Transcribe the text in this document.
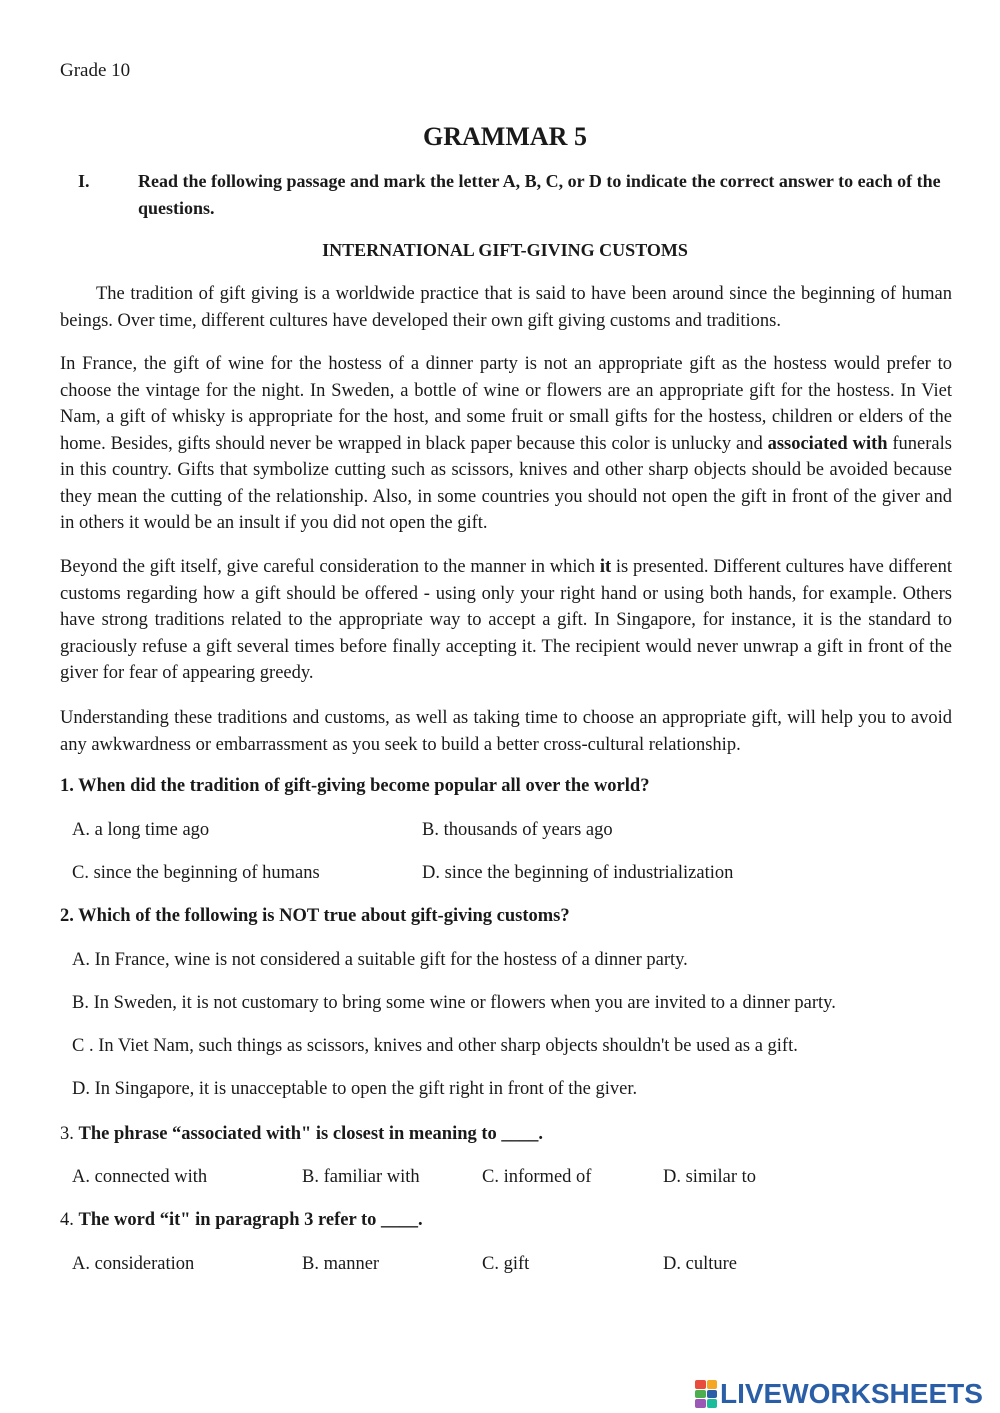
Grade 10
GRAMMAR 5
I.	Read the following passage and mark the letter A, B, C, or D to indicate the correct answer to each of the questions.
INTERNATIONAL GIFT-GIVING CUSTOMS
The tradition of gift giving is a worldwide practice that is said to have been around since the beginning of human beings. Over time, different cultures have developed their own gift giving customs and traditions.
In France, the gift of wine for the hostess of a dinner party is not an appropriate gift as the hostess would prefer to choose the vintage for the night. In Sweden, a bottle of wine or flowers are an appropriate gift for the hostess. In Viet Nam, a gift of whisky is appropriate for the host, and some fruit or small gifts for the hostess, children or elders of the home. Besides, gifts should never be wrapped in black paper because this color is unlucky and associated with funerals in this country. Gifts that symbolize cutting such as scissors, knives and other sharp objects should be avoided because they mean the cutting of the relationship. Also, in some countries you should not open the gift in front of the giver and in others it would be an insult if you did not open the gift.
Beyond the gift itself, give careful consideration to the manner in which it is presented. Different cultures have different customs regarding how a gift should be offered - using only your right hand or using both hands, for example. Others have strong traditions related to the appropriate way to accept a gift. In Singapore, for instance, it is the standard to graciously refuse a gift several times before finally accepting it. The recipient would never unwrap a gift in front of the giver for fear of appearing greedy.
Understanding these traditions and customs, as well as taking time to choose an appropriate gift, will help you to avoid any awkwardness or embarrassment as you seek to build a better cross-cultural relationship.
1. When did the tradition of gift-giving become popular all over the world?
A. a long time ago	B. thousands of years ago
C. since the beginning of humans	D. since the beginning of industrialization
2. Which of the following is NOT true about gift-giving customs?
A. In France, wine is not considered a suitable gift for the hostess of a dinner party.
B. In Sweden, it is not customary to bring some wine or flowers when you are invited to a dinner party.
C . In Viet Nam, such things as scissors, knives and other sharp objects shouldn't be used as a gift.
D. In Singapore, it is unacceptable to open the gift right in front of the giver.
3. The phrase “associated with" is closest in meaning to ____.
A. connected with	B. familiar with	C. informed of	D. similar to
4. The word “it" in paragraph 3 refer to ____.
A. consideration	B. manner	C. gift	D. culture
LIVEWORKSHEETS
